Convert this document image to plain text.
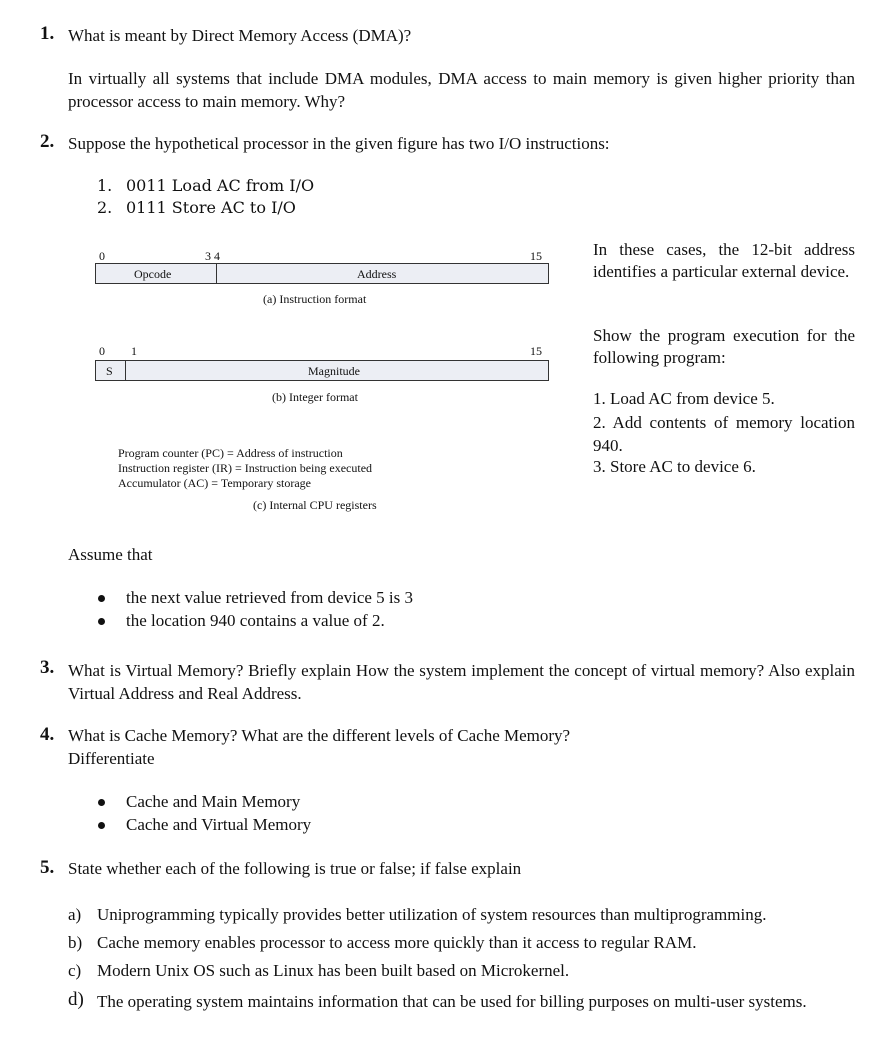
1. What is meant by Direct Memory Access (DMA)?
In virtually all systems that include DMA modules, DMA access to main memory is given higher priority than processor access to main memory. Why?
2. Suppose the hypothetical processor in the given figure has two I/O instructions:
1. 0011 Load AC from I/O
2. 0111 Store AC to I/O
0	3 4	15
Opcode	Address
(a) Instruction format
0 1	15
S	Magnitude
(b) Integer format
Program counter (PC) = Address of instruction
Instruction register (IR) = Instruction being executed
Accumulator (AC) = Temporary storage
(c) Internal CPU registers
In these cases, the 12-bit address identifies a particular external device.
Show the program execution for the following program:
1. Load AC from device 5.
2. Add contents of memory location 940.
3. Store AC to device 6.
Assume that
the next value retrieved from device 5 is 3
the location 940 contains a value of 2.
3. What is Virtual Memory? Briefly explain How the system implement the concept of virtual memory? Also explain Virtual Address and Real Address.
4. What is Cache Memory? What are the different levels of Cache Memory?
Differentiate
Cache and Main Memory
Cache and Virtual Memory
5. State whether each of the following is true or false; if false explain
a) Uniprogramming typically provides better utilization of system resources than multiprogramming.
b) Cache memory enables processor to access more quickly than it access to regular RAM.
c) Modern Unix OS such as Linux has been built based on Microkernel.
d) The operating system maintains information that can be used for billing purposes on multi-user systems.
